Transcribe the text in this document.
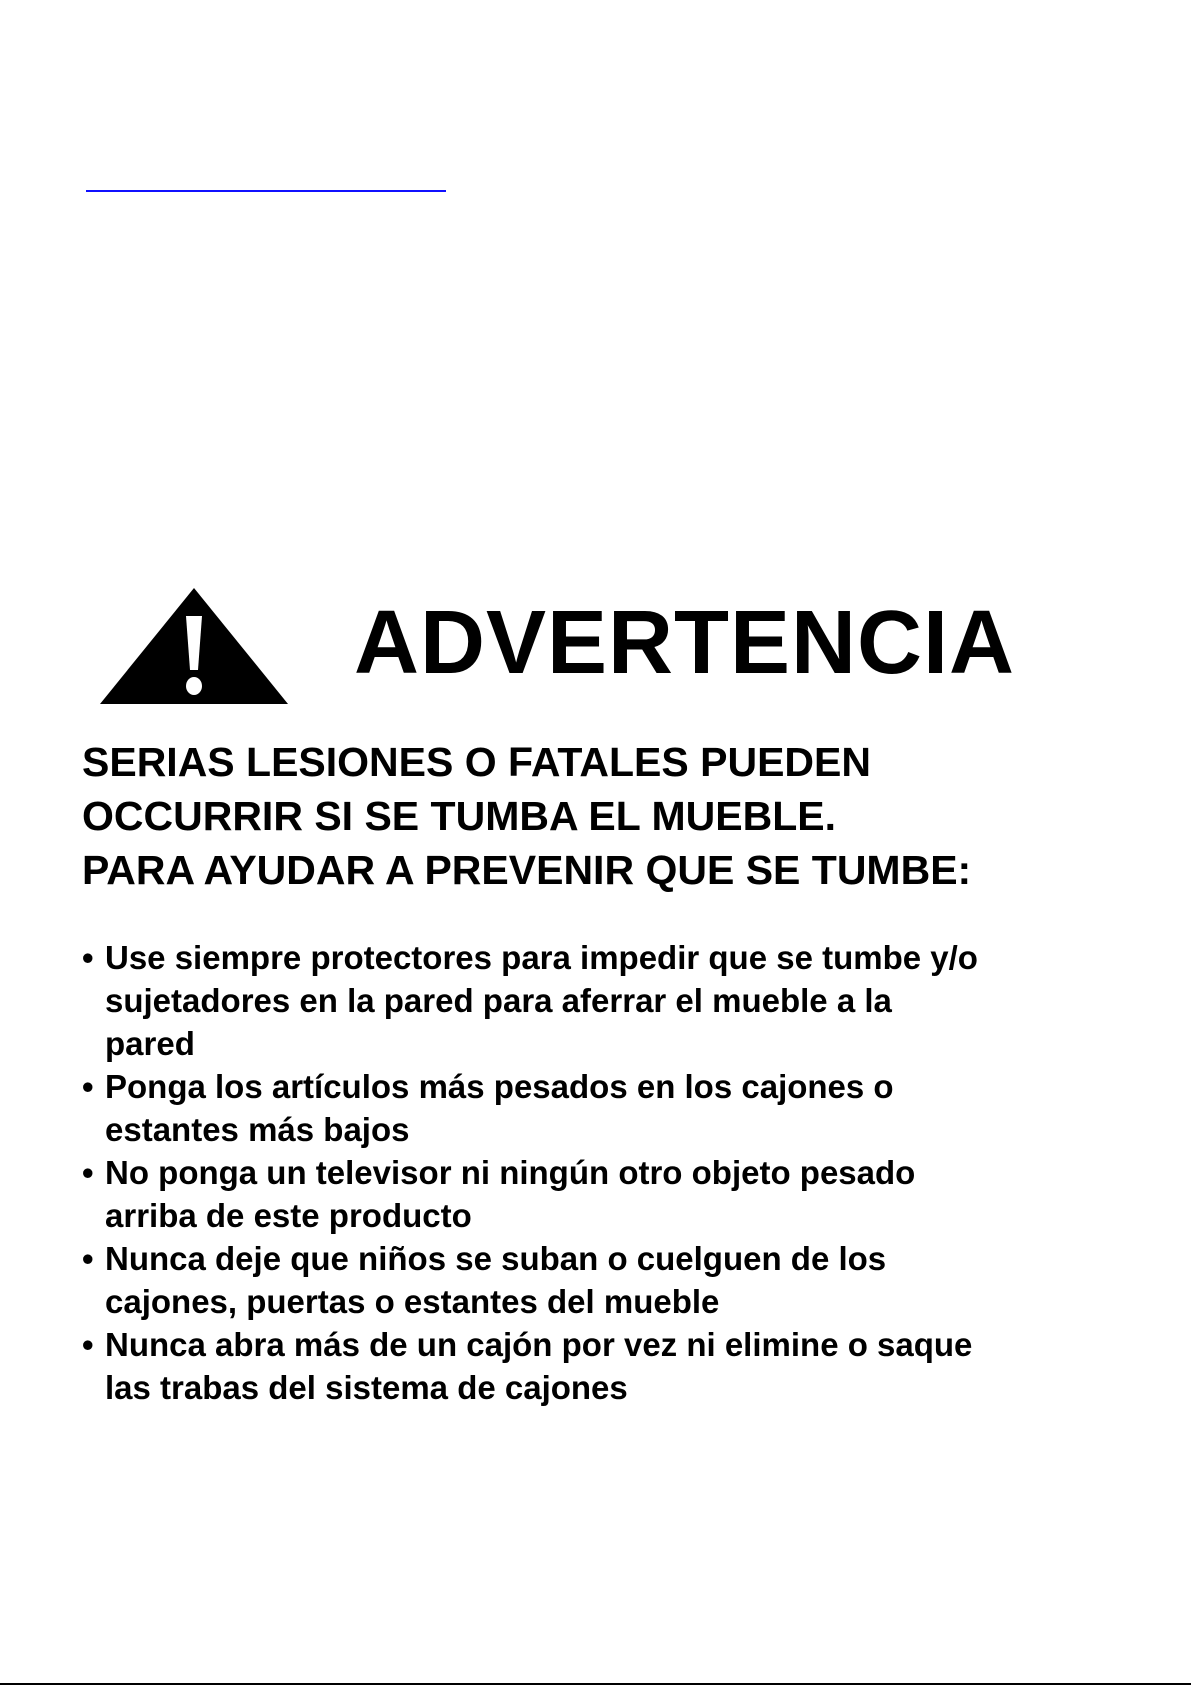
ADVERTENCIA
SERIAS LESIONES O FATALES PUEDEN
OCCURRIR SI SE TUMBA EL MUEBLE.
PARA AYUDAR A PREVENIR QUE SE TUMBE:
• Use siempre protectores para impedir que se tumbe y/o
sujetadores en la pared para aferrar el mueble a la
pared
• Ponga los artículos más pesados en los cajones o
estantes más bajos
• No ponga un televisor ni ningún otro objeto pesado
arriba de este producto
• Nunca deje que niños se suban o cuelguen de los
cajones, puertas o estantes del mueble
• Nunca abra más de un cajón por vez ni elimine o saque
las trabas del sistema de cajones
